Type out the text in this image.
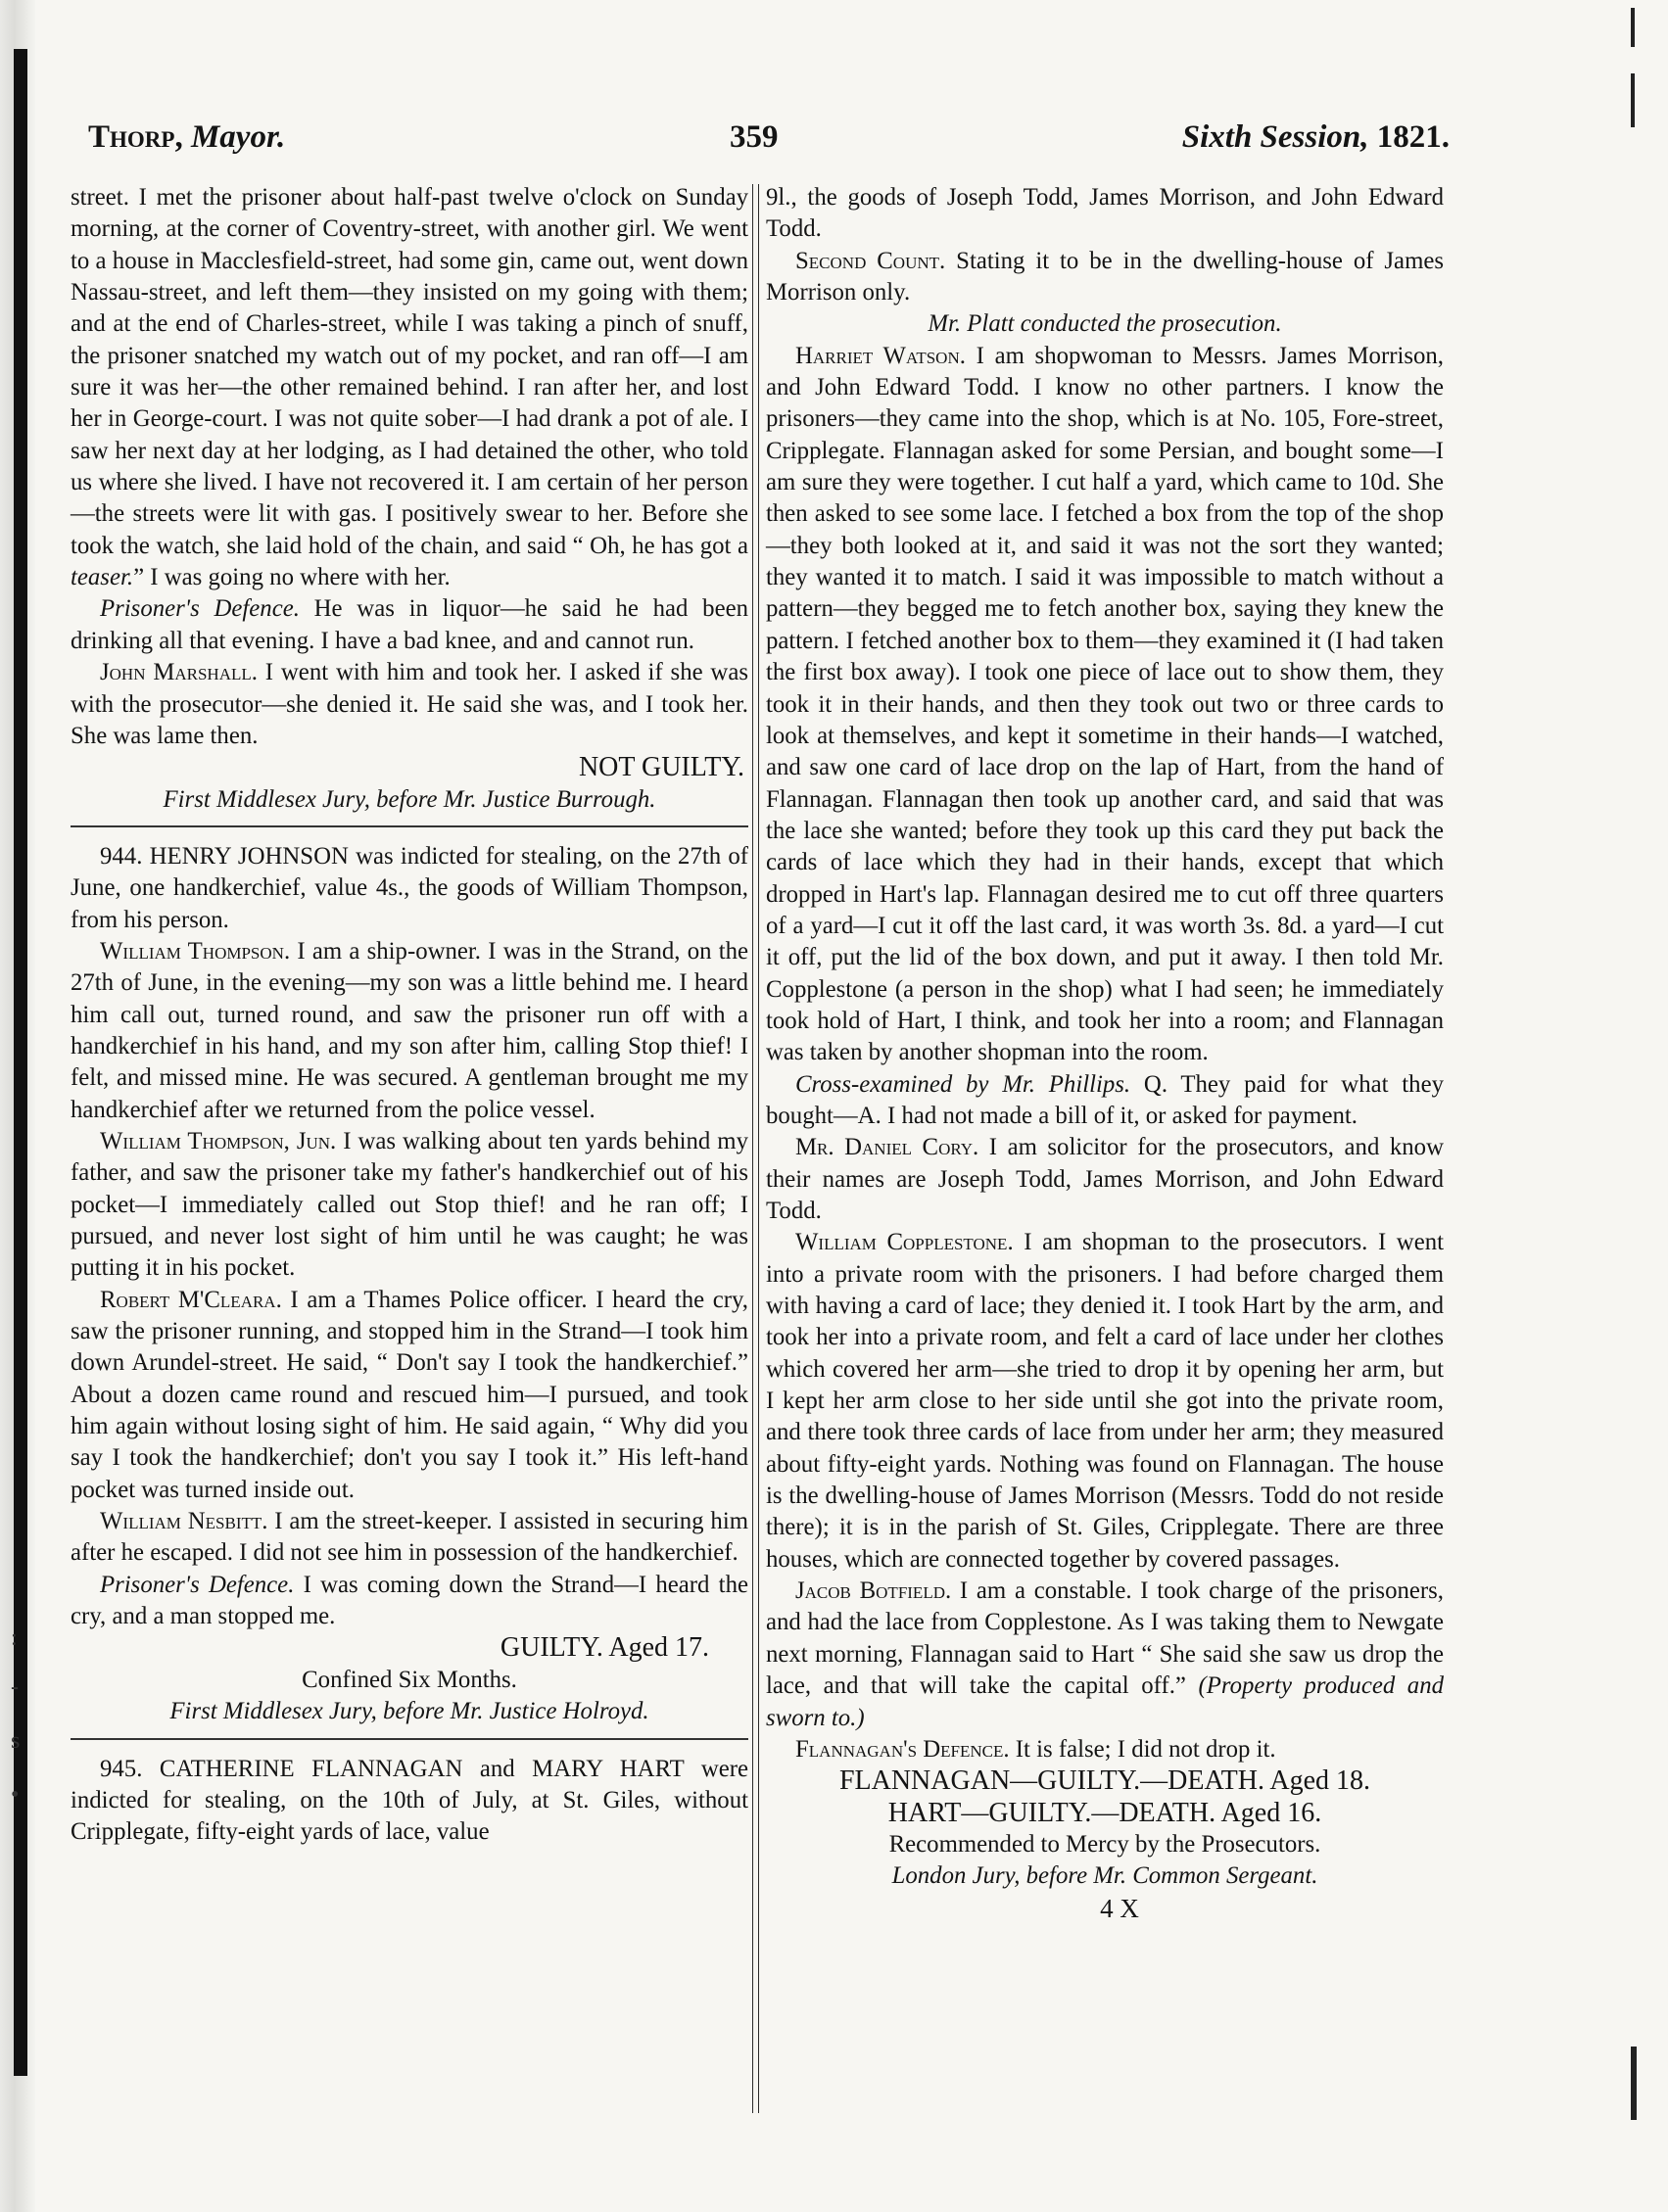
:
-
s
•
Thorp, Mayor.	359	Sixth Session, 1821.

street. I met the prisoner about half-past twelve o'clock on Sunday morning, at the corner of Coventry-street, with another girl. We went to a house in Macclesfield-street, had some gin, came out, went down Nassau-street, and left them—they insisted on my going with them; and at the end of Charles-street, while I was taking a pinch of snuff, the prisoner snatched my watch out of my pocket, and ran off—I am sure it was her—the other remained behind. I ran after her, and lost her in George-court. I was not quite sober—I had drank a pot of ale. I saw her next day at her lodging, as I had detained the other, who told us where she lived. I have not recovered it. I am certain of her person—the streets were lit with gas. I positively swear to her. Before she took the watch, she laid hold of the chain, and said “ Oh, he has got a teaser.” I was going no where with her.

Prisoner's Defence. He was in liquor—he said he had been drinking all that evening. I have a bad knee, and and cannot run.

John Marshall. I went with him and took her. I asked if she was with the prosecutor—she denied it. He said she was, and I took her. She was lame then.

NOT GUILTY.

First Middlesex Jury, before Mr. Justice Burrough.

944. HENRY JOHNSON was indicted for stealing, on the 27th of June, one handkerchief, value 4s., the goods of William Thompson, from his person.

William Thompson. I am a ship-owner. I was in the Strand, on the 27th of June, in the evening—my son was a little behind me. I heard him call out, turned round, and saw the prisoner run off with a handkerchief in his hand, and my son after him, calling Stop thief! I felt, and missed mine. He was secured. A gentleman brought me my handkerchief after we returned from the police vessel.

William Thompson, Jun. I was walking about ten yards behind my father, and saw the prisoner take my father's handkerchief out of his pocket—I immediately called out Stop thief! and he ran off; I pursued, and never lost sight of him until he was caught; he was putting it in his pocket.

Robert M'Cleara. I am a Thames Police officer. I heard the cry, saw the prisoner running, and stopped him in the Strand—I took him down Arundel-street. He said, “ Don't say I took the handkerchief.” About a dozen came round and rescued him—I pursued, and took him again without losing sight of him. He said again, “ Why did you say I took the handkerchief; don't you say I took it.” His left-hand pocket was turned inside out.

William Nesbitt. I am the street-keeper. I assisted in securing him after he escaped. I did not see him in possession of the handkerchief.

Prisoner's Defence. I was coming down the Strand—I heard the cry, and a man stopped me.

GUILTY. Aged 17.

Confined Six Months.

First Middlesex Jury, before Mr. Justice Holroyd.

945. CATHERINE FLANNAGAN and MARY HART were indicted for stealing, on the 10th of July, at St. Giles, without Cripplegate, fifty-eight yards of lace, value

9l., the goods of Joseph Todd, James Morrison, and John Edward Todd.

Second Count. Stating it to be in the dwelling-house of James Morrison only.

Mr. Platt conducted the prosecution.

Harriet Watson. I am shopwoman to Messrs. James Morrison, and John Edward Todd. I know no other partners. I know the prisoners—they came into the shop, which is at No. 105, Fore-street, Cripplegate. Flannagan asked for some Persian, and bought some—I am sure they were together. I cut half a yard, which came to 10d. She then asked to see some lace. I fetched a box from the top of the shop—they both looked at it, and said it was not the sort they wanted; they wanted it to match. I said it was impossible to match without a pattern—they begged me to fetch another box, saying they knew the pattern. I fetched another box to them—they examined it (I had taken the first box away). I took one piece of lace out to show them, they took it in their hands, and then they took out two or three cards to look at themselves, and kept it sometime in their hands—I watched, and saw one card of lace drop on the lap of Hart, from the hand of Flannagan. Flannagan then took up another card, and said that was the lace she wanted; before they took up this card they put back the cards of lace which they had in their hands, except that which dropped in Hart's lap. Flannagan desired me to cut off three quarters of a yard—I cut it off the last card, it was worth 3s. 8d. a yard—I cut it off, put the lid of the box down, and put it away. I then told Mr. Copplestone (a person in the shop) what I had seen; he immediately took hold of Hart, I think, and took her into a room; and Flannagan was taken by another shopman into the room.

Cross-examined by Mr. Phillips. Q. They paid for what they bought—A. I had not made a bill of it, or asked for payment.

Mr. Daniel Cory. I am solicitor for the prosecutors, and know their names are Joseph Todd, James Morrison, and John Edward Todd.

William Copplestone. I am shopman to the prosecutors. I went into a private room with the prisoners. I had before charged them with having a card of lace; they denied it. I took Hart by the arm, and took her into a private room, and felt a card of lace under her clothes which covered her arm—she tried to drop it by opening her arm, but I kept her arm close to her side until she got into the private room, and there took three cards of lace from under her arm; they measured about fifty-eight yards. Nothing was found on Flannagan. The house is the dwelling-house of James Morrison (Messrs. Todd do not reside there); it is in the parish of St. Giles, Cripplegate. There are three houses, which are connected together by covered passages.

Jacob Botfield. I am a constable. I took charge of the prisoners, and had the lace from Copplestone. As I was taking them to Newgate next morning, Flannagan said to Hart “ She said she saw us drop the lace, and that will take the capital off.” (Property produced and sworn to.)

Flannagan's Defence. It is false; I did not drop it.

FLANNAGAN—GUILTY.—DEATH. Aged 18.

HART—GUILTY.—DEATH. Aged 16.

Recommended to Mercy by the Prosecutors.

London Jury, before Mr. Common Sergeant.

4 X
